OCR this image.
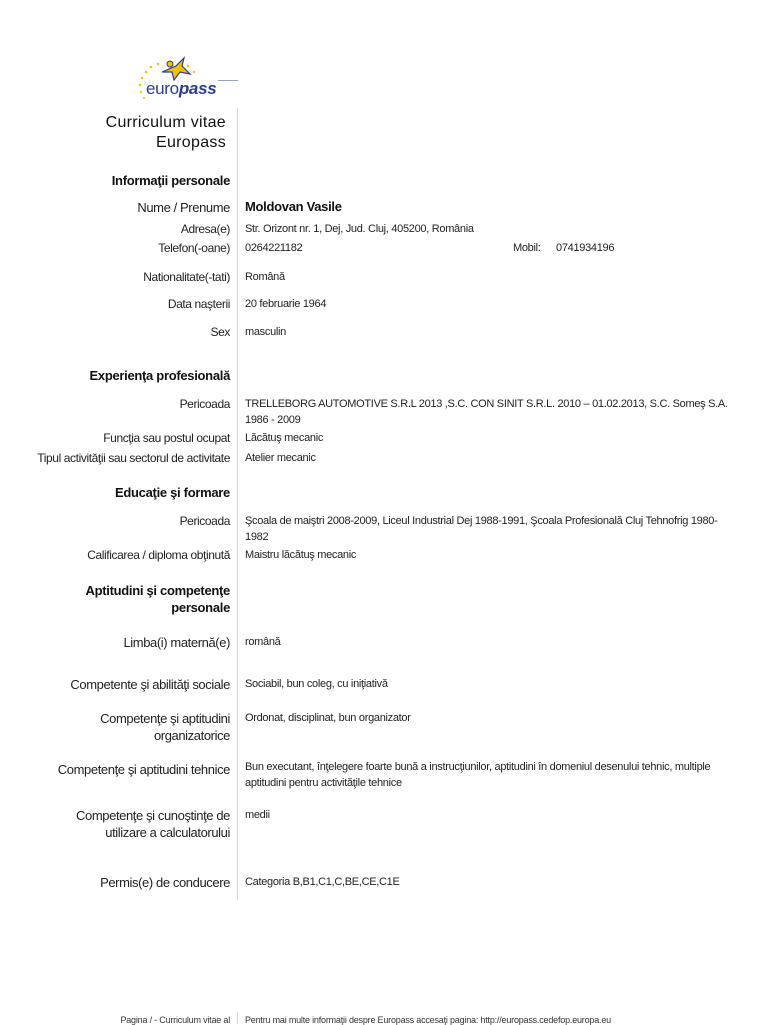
europass
Curriculum vitae
Europass
Informaţii personale
Nume / Prenume Moldovan Vasile
Adresa(e) Str. Orizont nr. 1, Dej, Jud. Cluj, 405200, România
Telefon(-oane) 0264221182	Mobil:	0741934196
Nationalitate(-tati) Română
Data naşterii 20 februarie 1964
Sex masculin
Experienţa profesională
Pericoada TRELLEBORG AUTOMOTIVE S.R.L 2013 ,S.C. CON SINIT S.R.L. 2010 – 01.02.2013, S.C. Someş S.A. 1986 - 2009
Funcţia sau postul ocupat Lăcătuş mecanic
Tipul activităţii sau sectorul de activitate Atelier mecanic
Educaţie şi formare
Pericoada Şcoala de maiştri 2008-2009, Liceul Industrial Dej 1988-1991, Şcoala Profesională Cluj Tehnofrig 1980-1982
Calificarea / diploma obţinută Maistru lăcătuş mecanic
Aptitudini şi competenţe
personale
Limba(i) maternă(e) română
Competente şi abilităţi sociale Sociabil, bun coleg, cu iniţiativă
Competenţe şi aptitudini
organizatorice
Ordonat, disciplinat, bun organizator
Competenţe şi aptitudini tehnice Bun executant, înţelegere foarte bună a instrucţiunilor, aptitudini în domeniul desenului tehnic, multiple aptitudini pentru activităţile tehnice
Competenţe şi cunoştinţe de
utilizare a calculatorului
medii
Permis(e) de conducere Categoria B,B1,C1,C,BE,CE,C1E
Pagina / - Curriculum vitae al Pentru mai multe informaţii despre Europass accesaţi pagina: http://europass.cedefop.europa.eu
